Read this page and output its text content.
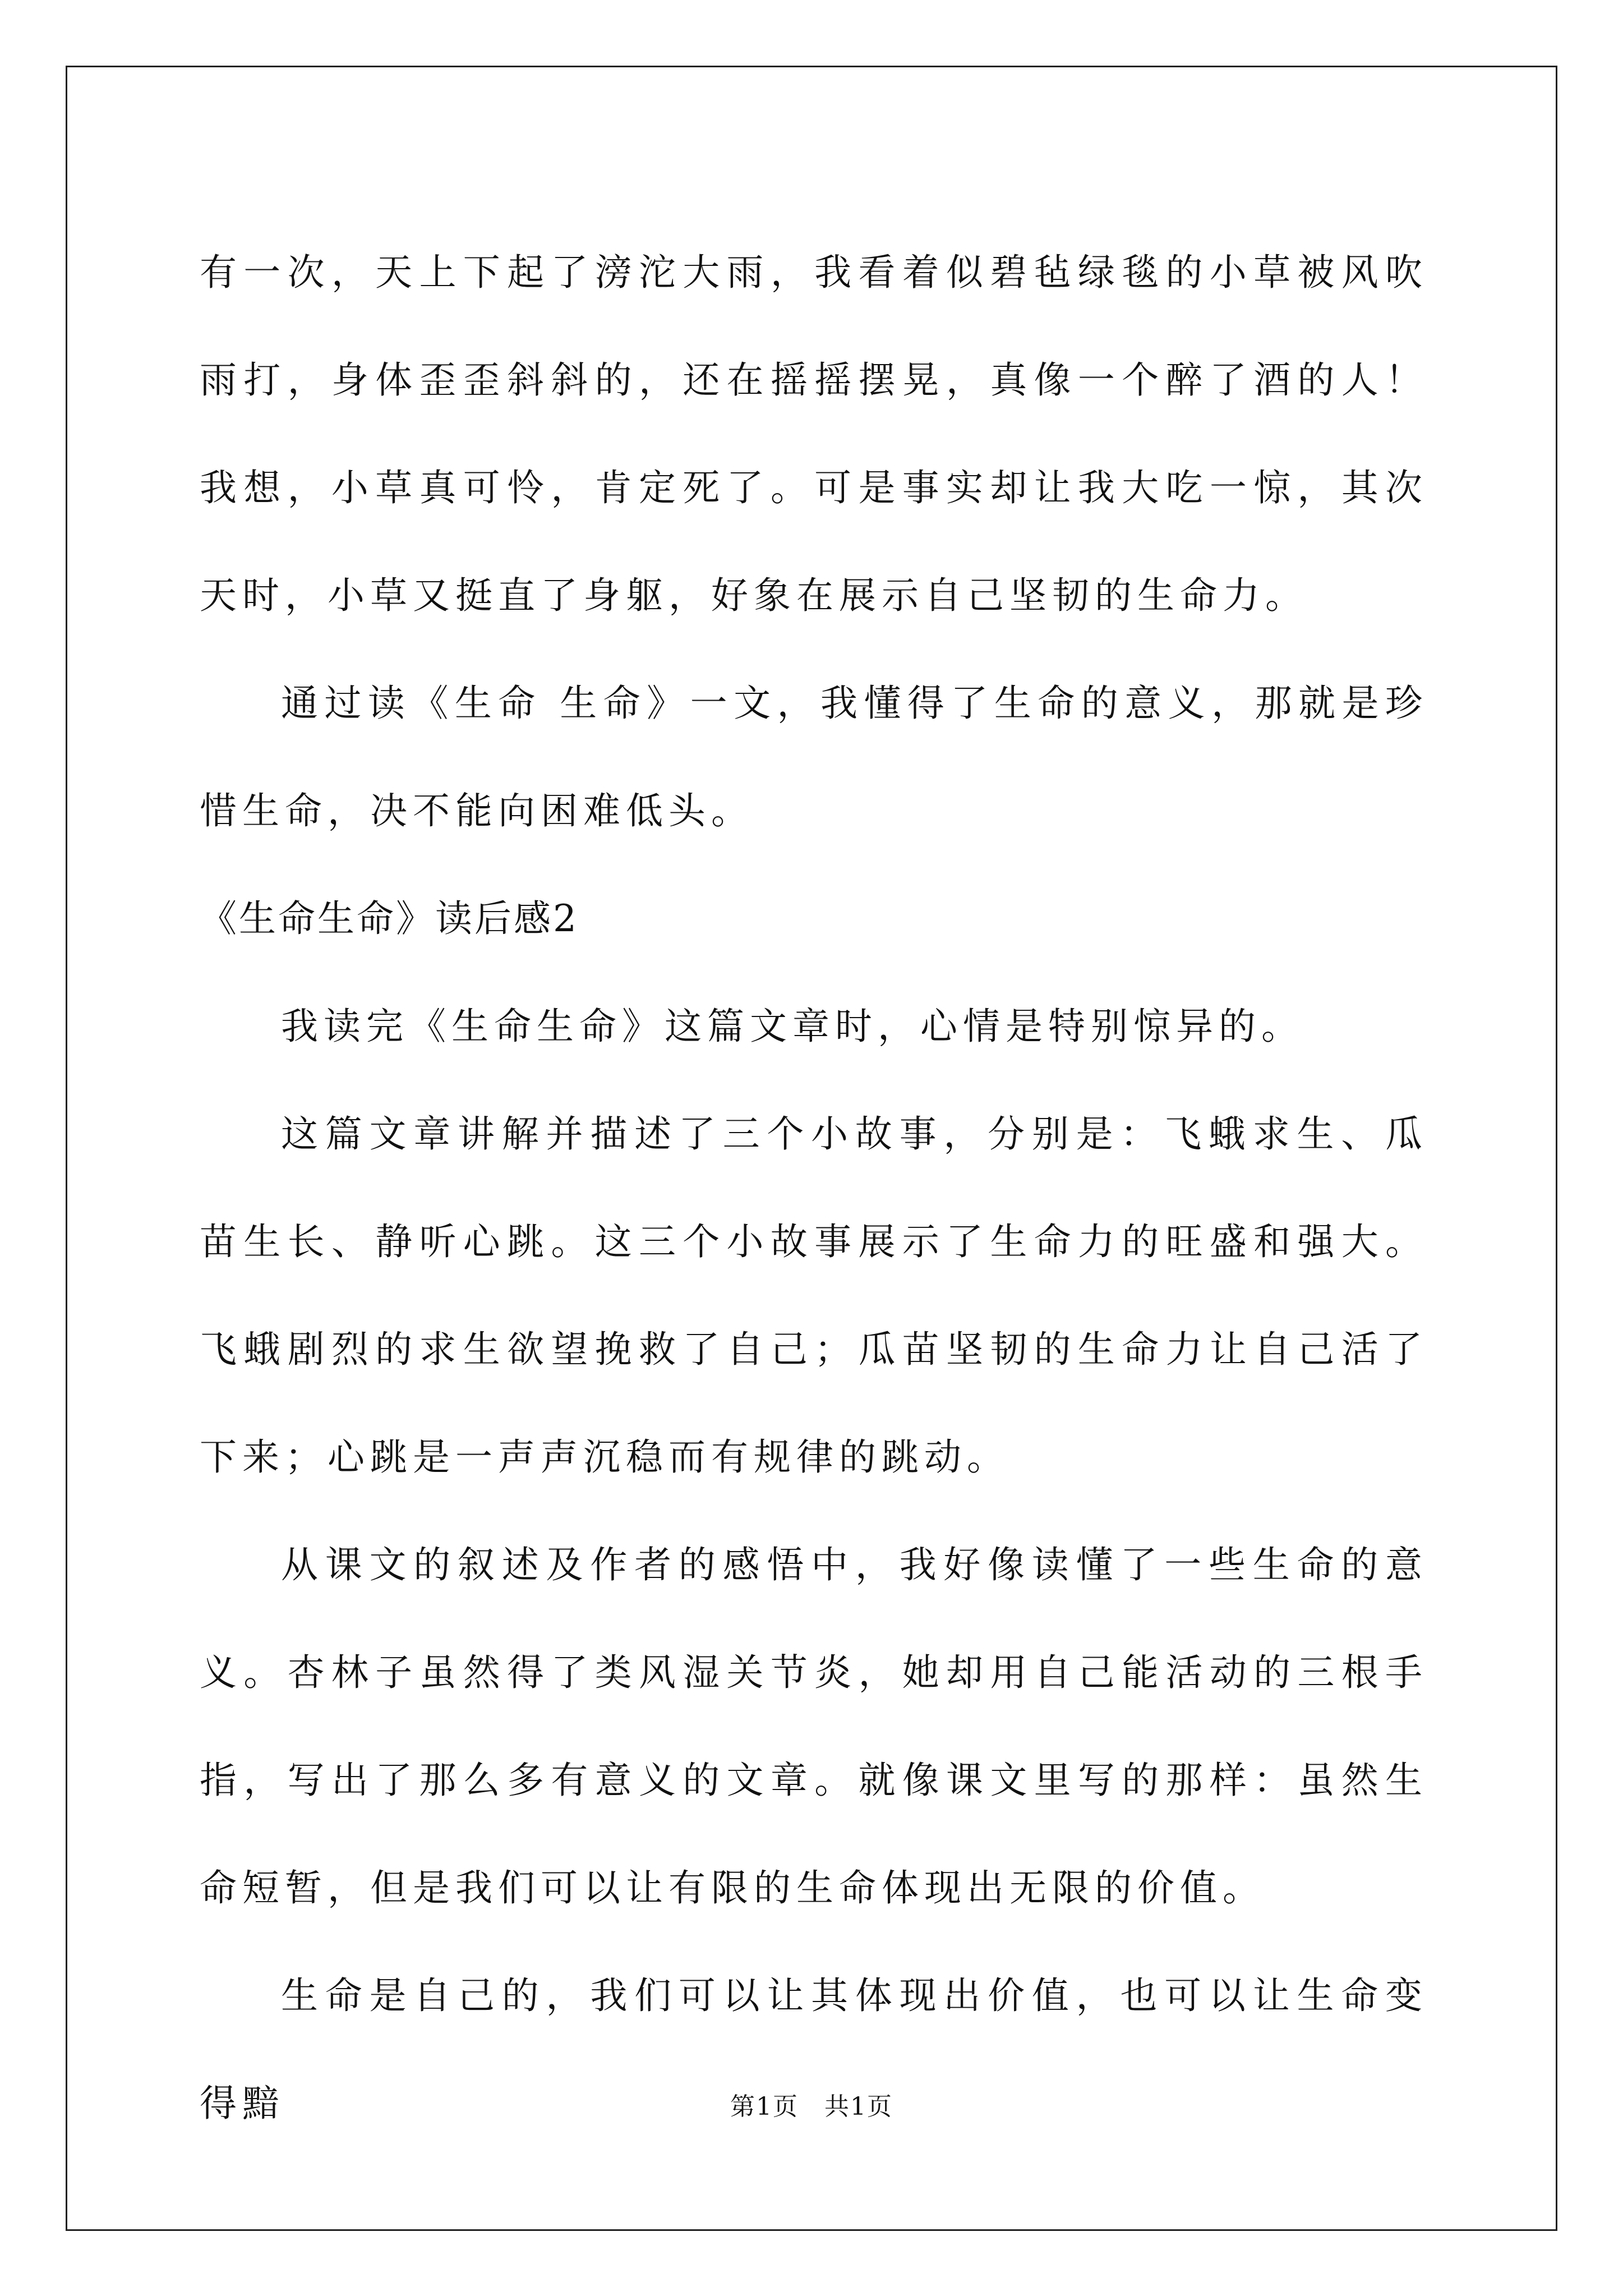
有一次，天上下起了滂沱大雨，我看着似碧毡绿毯的小草被风吹雨打，身体歪歪斜斜的，还在摇摇摆晃，真像一个醉了酒的人！我想，小草真可怜，肯定死了。可是事实却让我大吃一惊，其次天时，小草又挺直了身躯，好象在展示自己坚韧的生命力。

通过读《生命 生命》一文，我懂得了生命的意义，那就是珍惜生命，决不能向困难低头。

《生命生命》读后感2

我读完《生命生命》这篇文章时，心情是特别惊异的。

这篇文章讲解并描述了三个小故事，分别是：飞蛾求生、瓜苗生长、静听心跳。这三个小故事展示了生命力的旺盛和强大。飞蛾剧烈的求生欲望挽救了自己；瓜苗坚韧的生命力让自己活了下来；心跳是一声声沉稳而有规律的跳动。

从课文的叙述及作者的感悟中，我好像读懂了一些生命的意义。杏林子虽然得了类风湿关节炎，她却用自己能活动的三根手指，写出了那么多有意义的文章。就像课文里写的那样：虽然生命短暂，但是我们可以让有限的生命体现出无限的价值。

生命是自己的，我们可以让其体现出价值，也可以让生命变得黯	第1页　共1页
